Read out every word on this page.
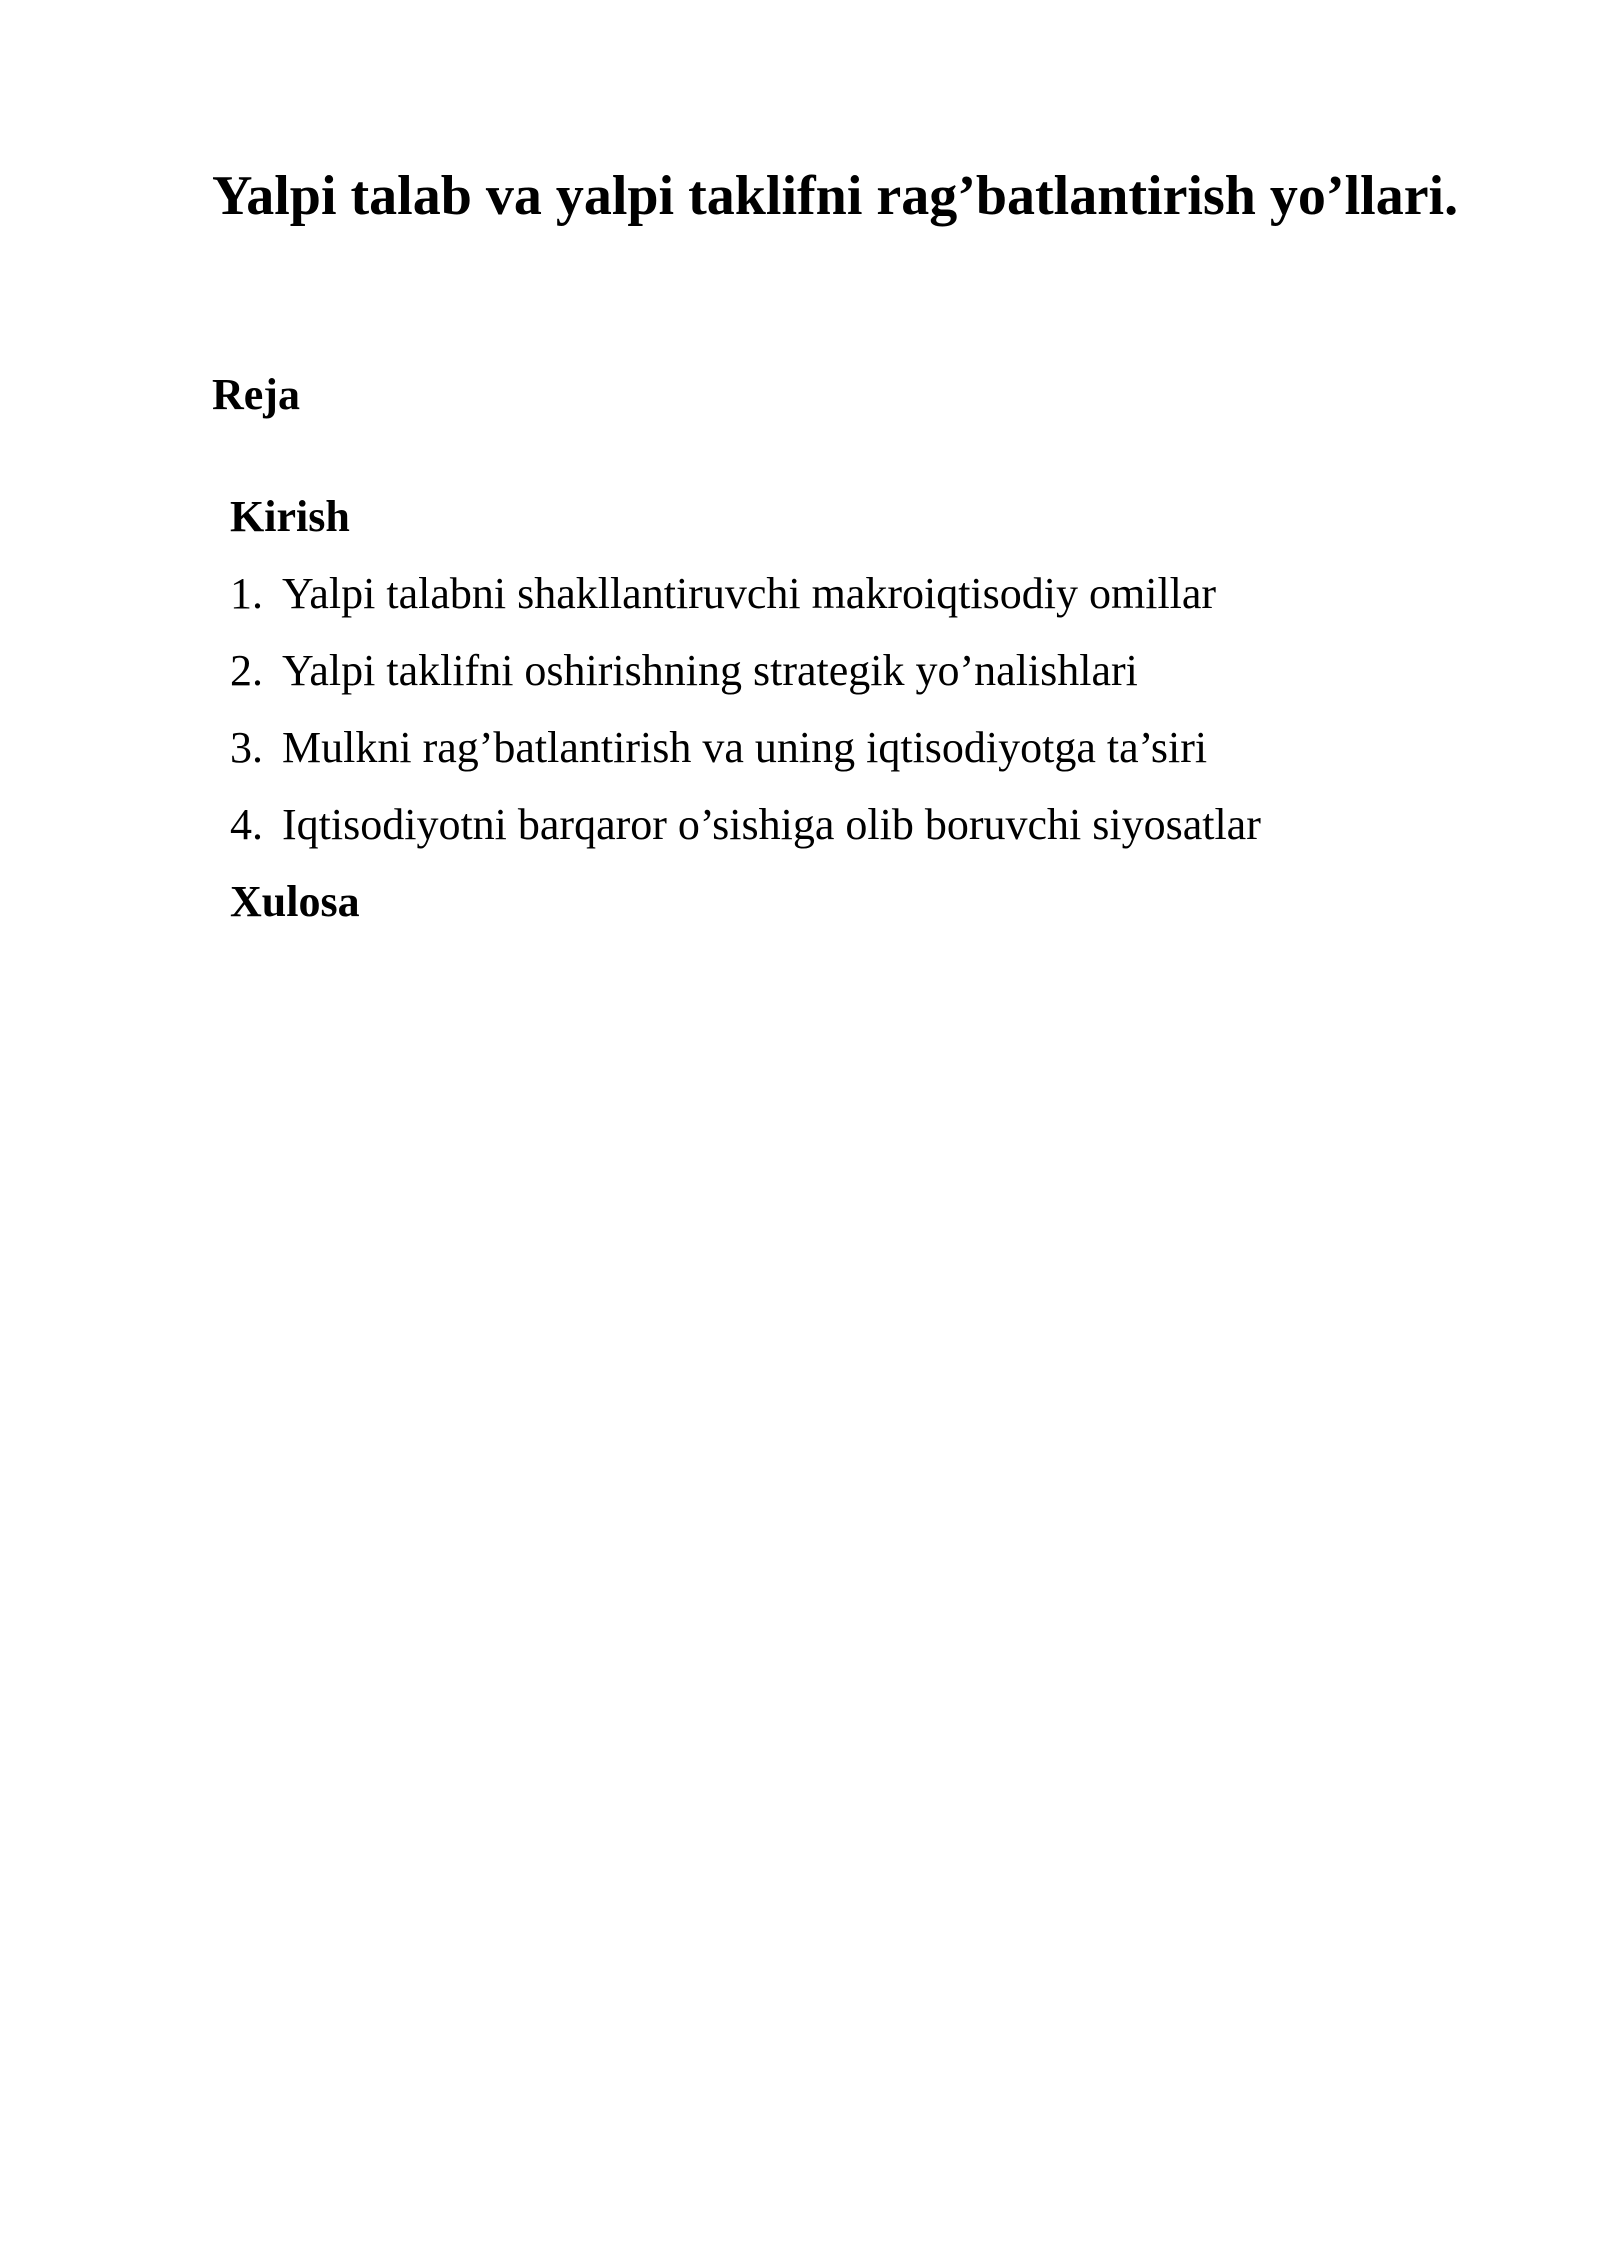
Yalpi talab va yalpi taklifni rag’batlantirish yo’llari.
Reja
Kirish
1. Yalpi talabni shakllantiruvchi makroiqtisodiy omillar
2. Yalpi taklifni oshirishning strategik yo’nalishlari
3. Mulkni rag’batlantirish va uning iqtisodiyotga ta’siri
4. Iqtisodiyotni barqaror o’sishiga olib boruvchi siyosatlar
Xulosa
